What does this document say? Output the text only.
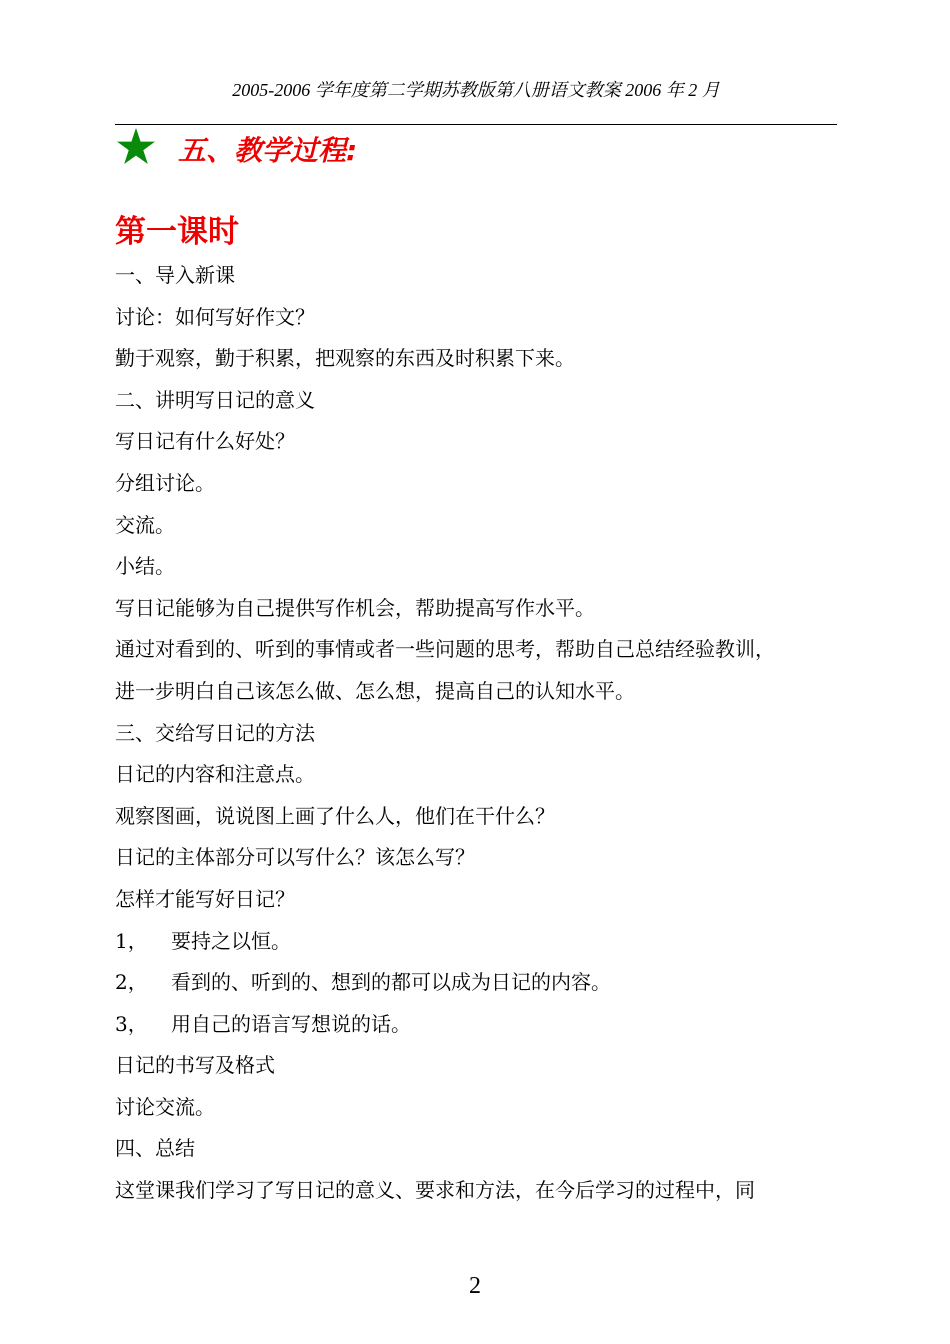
2005-2006 学年度第二学期苏教版第八册语文教案 2006 年 2 月
五、教学过程:
第一课时
一、导入新课
讨论：如何写好作文？
勤于观察，勤于积累，把观察的东西及时积累下来。
二、讲明写日记的意义
写日记有什么好处？
分组讨论。
交流。
小结。
写日记能够为自己提供写作机会，帮助提高写作水平。
通过对看到的、听到的事情或者一些问题的思考，帮助自己总结经验教训，
进一步明白自己该怎么做、怎么想，提高自己的认知水平。
三、交给写日记的方法
日记的内容和注意点。
观察图画，说说图上画了什么人，他们在干什么？
日记的主体部分可以写什么？该怎么写？
怎样才能写好日记？
1， 要持之以恒。
2， 看到的、听到的、想到的都可以成为日记的内容。
3， 用自己的语言写想说的话。
日记的书写及格式
讨论交流。
四、总结
这堂课我们学习了写日记的意义、要求和方法，在今后学习的过程中，同
2
